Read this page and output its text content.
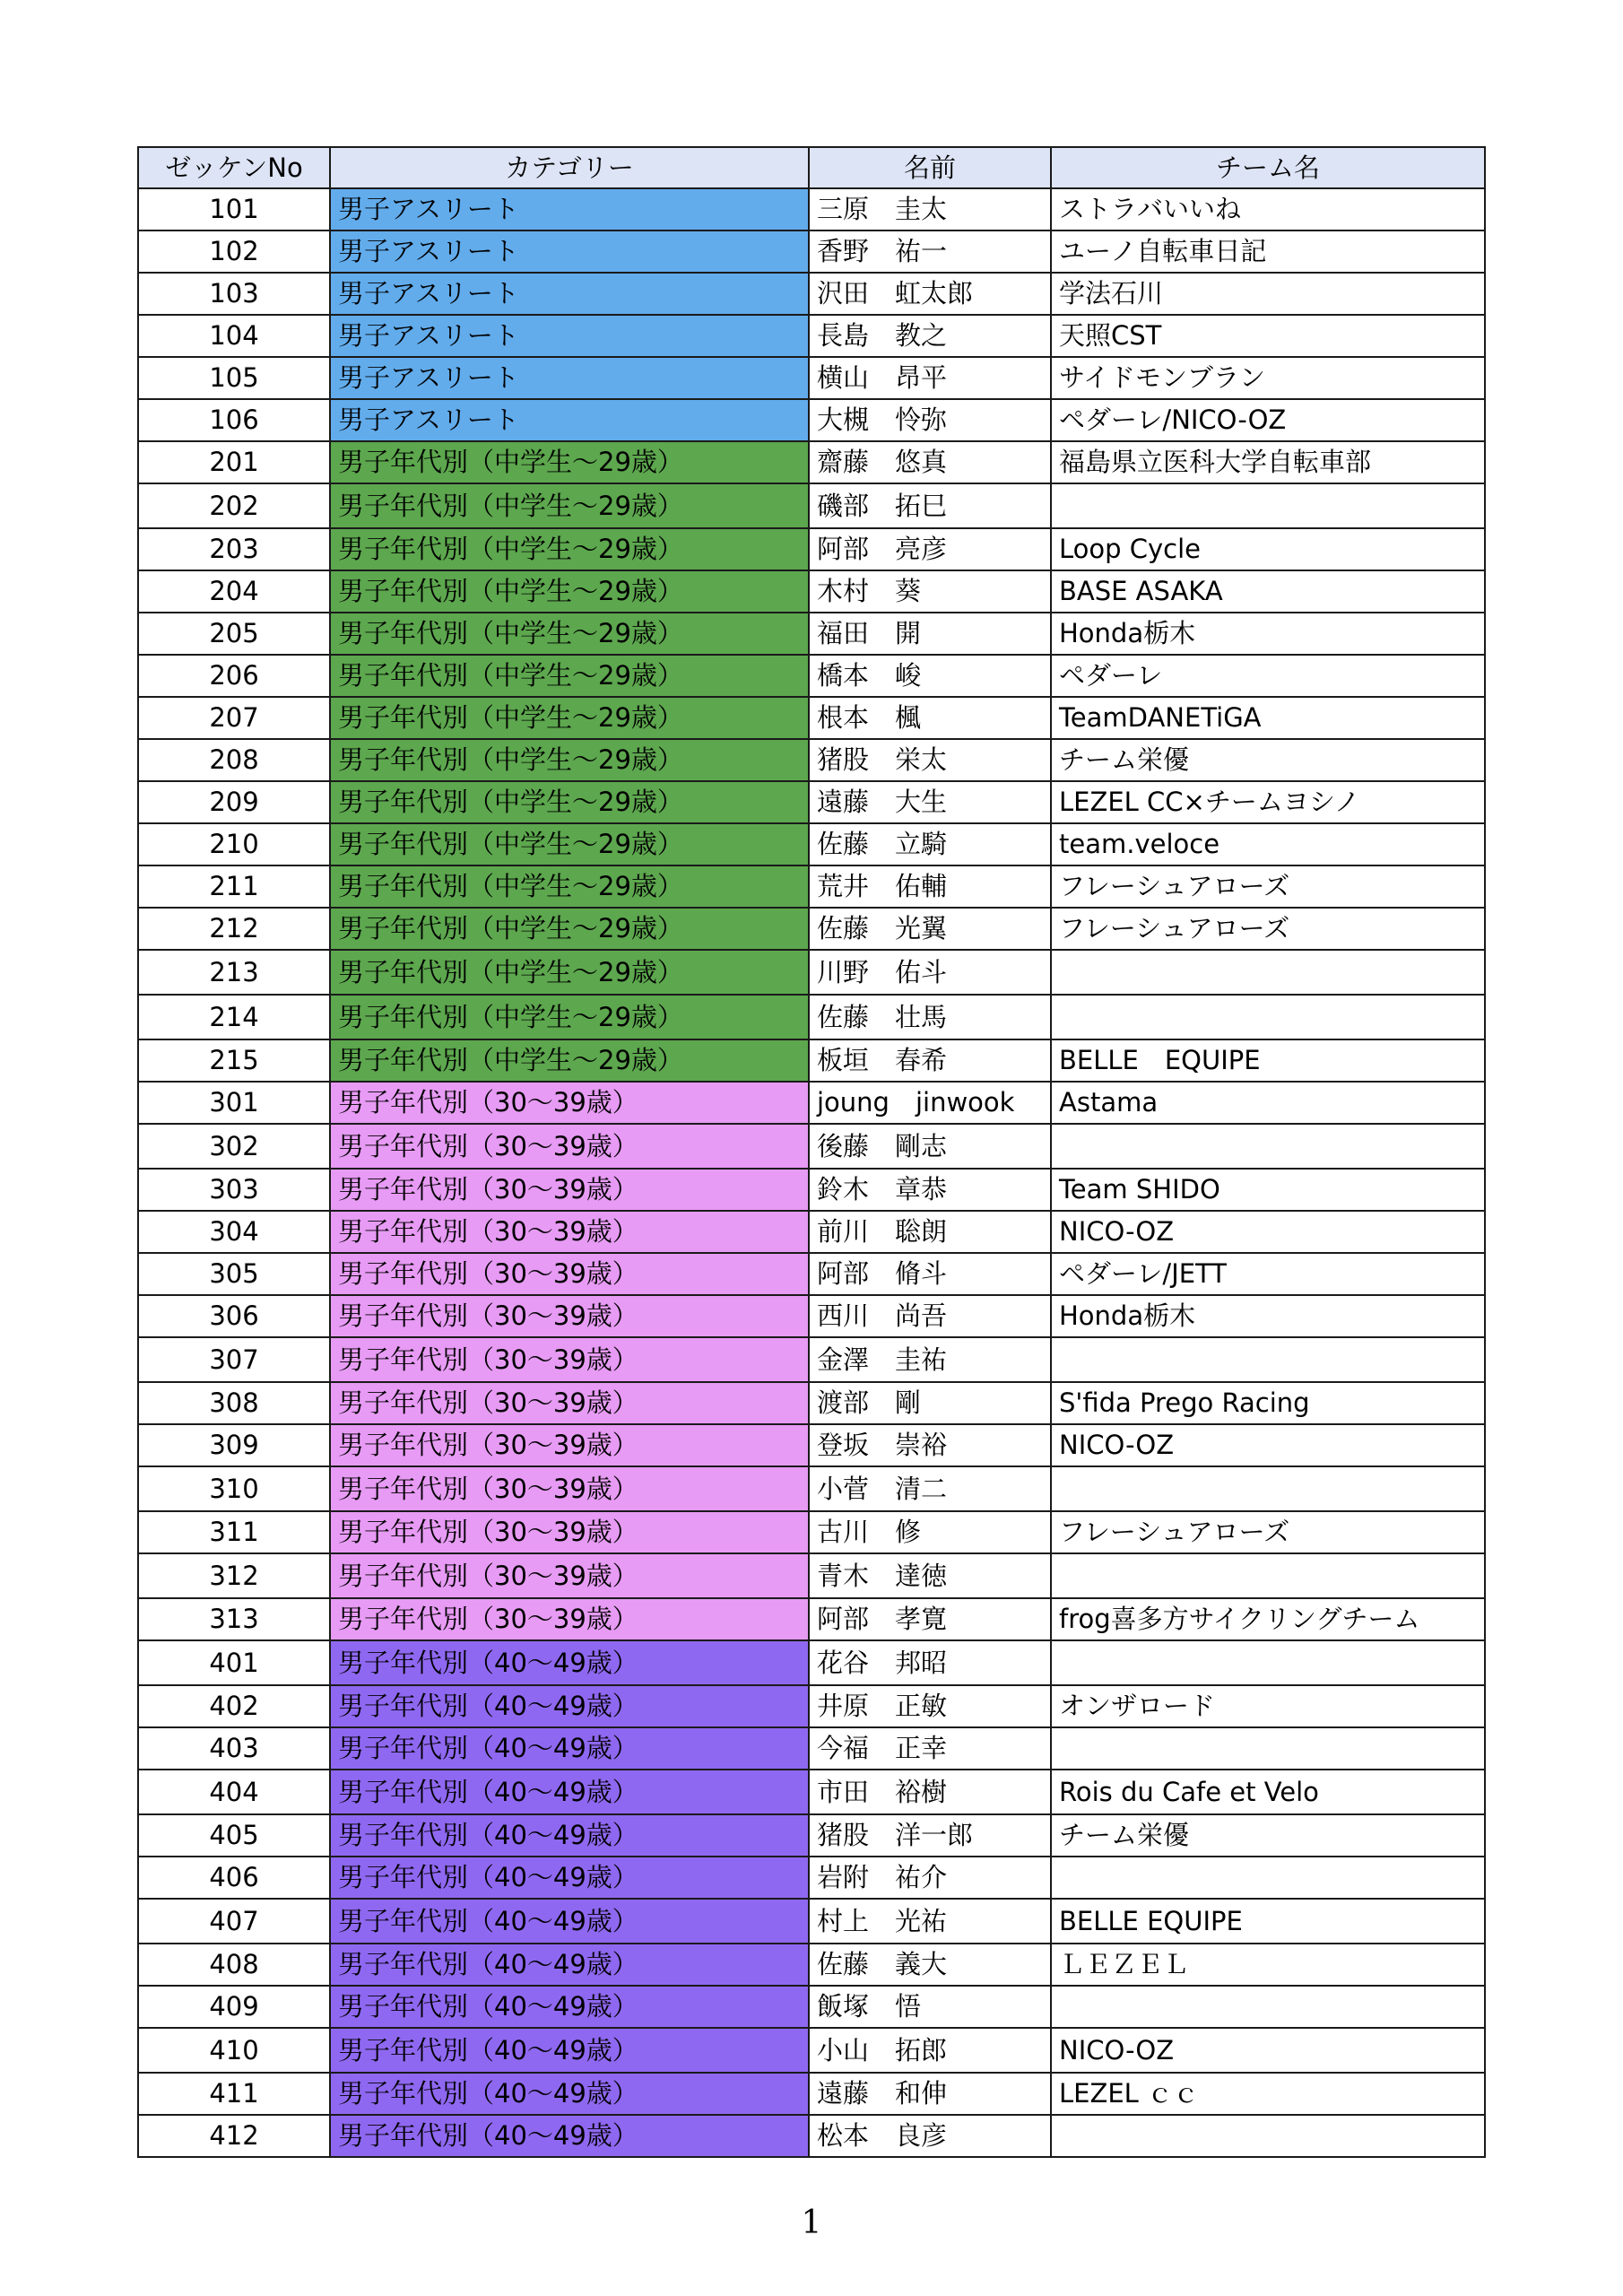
ゼッケンNo	カテゴリー	名前	チーム名
101	男子アスリート	三原　圭太	ストラバいいね
102	男子アスリート	香野　祐一	ユーノ自転車日記
103	男子アスリート	沢田　虹太郎	学法石川
104	男子アスリート	長島　教之	天照CST
105	男子アスリート	横山　昂平	サイドモンブラン
106	男子アスリート	大槻　怜弥	ペダーレ/NICO-OZ
201	男子年代別（中学生〜29歳）	齋藤　悠真	福島県立医科大学自転車部
202	男子年代別（中学生〜29歳）	磯部　拓巳	
203	男子年代別（中学生〜29歳）	阿部　亮彦	Loop Cycle
204	男子年代別（中学生〜29歳）	木村　葵	BASE ASAKA
205	男子年代別（中学生〜29歳）	福田　開	Honda栃木
206	男子年代別（中学生〜29歳）	橋本　峻	ペダーレ
207	男子年代別（中学生〜29歳）	根本　楓	TeamDANETiGA
208	男子年代別（中学生〜29歳）	猪股　栄太	チーム栄優
209	男子年代別（中学生〜29歳）	遠藤　大生	LEZEL CC×チームヨシノ
210	男子年代別（中学生〜29歳）	佐藤　立騎	team.veloce
211	男子年代別（中学生〜29歳）	荒井　佑輔	フレーシュアローズ
212	男子年代別（中学生〜29歳）	佐藤　光翼	フレーシュアローズ
213	男子年代別（中学生〜29歳）	川野　佑斗	
214	男子年代別（中学生〜29歳）	佐藤　壮馬	
215	男子年代別（中学生〜29歳）	板垣　春希	BELLE　EQUIPE
301	男子年代別（30〜39歳）	joung　jinwook	Astama
302	男子年代別（30〜39歳）	後藤　剛志	
303	男子年代別（30〜39歳）	鈴木　章恭	Team SHIDO
304	男子年代別（30〜39歳）	前川　聡朗	NICO-OZ
305	男子年代別（30〜39歳）	阿部　脩斗	ペダーレ/JETT
306	男子年代別（30〜39歳）	西川　尚吾	Honda栃木
307	男子年代別（30〜39歳）	金澤　圭祐	
308	男子年代別（30〜39歳）	渡部　剛	S'fida Prego Racing
309	男子年代別（30〜39歳）	登坂　崇裕	NICO-OZ
310	男子年代別（30〜39歳）	小菅　清二	
311	男子年代別（30〜39歳）	古川　修	フレーシュアローズ
312	男子年代別（30〜39歳）	青木　達徳	
313	男子年代別（30〜39歳）	阿部　孝寛	frog喜多方サイクリングチーム
401	男子年代別（40〜49歳）	花谷　邦昭	
402	男子年代別（40〜49歳）	井原　正敏	オンザロード
403	男子年代別（40〜49歳）	今福　正幸	
404	男子年代別（40〜49歳）	市田　裕樹	Rois du Cafe et Velo
405	男子年代別（40〜49歳）	猪股　洋一郎	チーム栄優
406	男子年代別（40〜49歳）	岩附　祐介	
407	男子年代別（40〜49歳）	村上　光祐	BELLE EQUIPE
408	男子年代別（40〜49歳）	佐藤　義大	ＬＥＺＥＬ
409	男子年代別（40〜49歳）	飯塚　悟	
410	男子年代別（40〜49歳）	小山　拓郎	NICO-OZ
411	男子年代別（40〜49歳）	遠藤　和伸	LEZEL ｃｃ
412	男子年代別（40〜49歳）	松本　良彦	
1
